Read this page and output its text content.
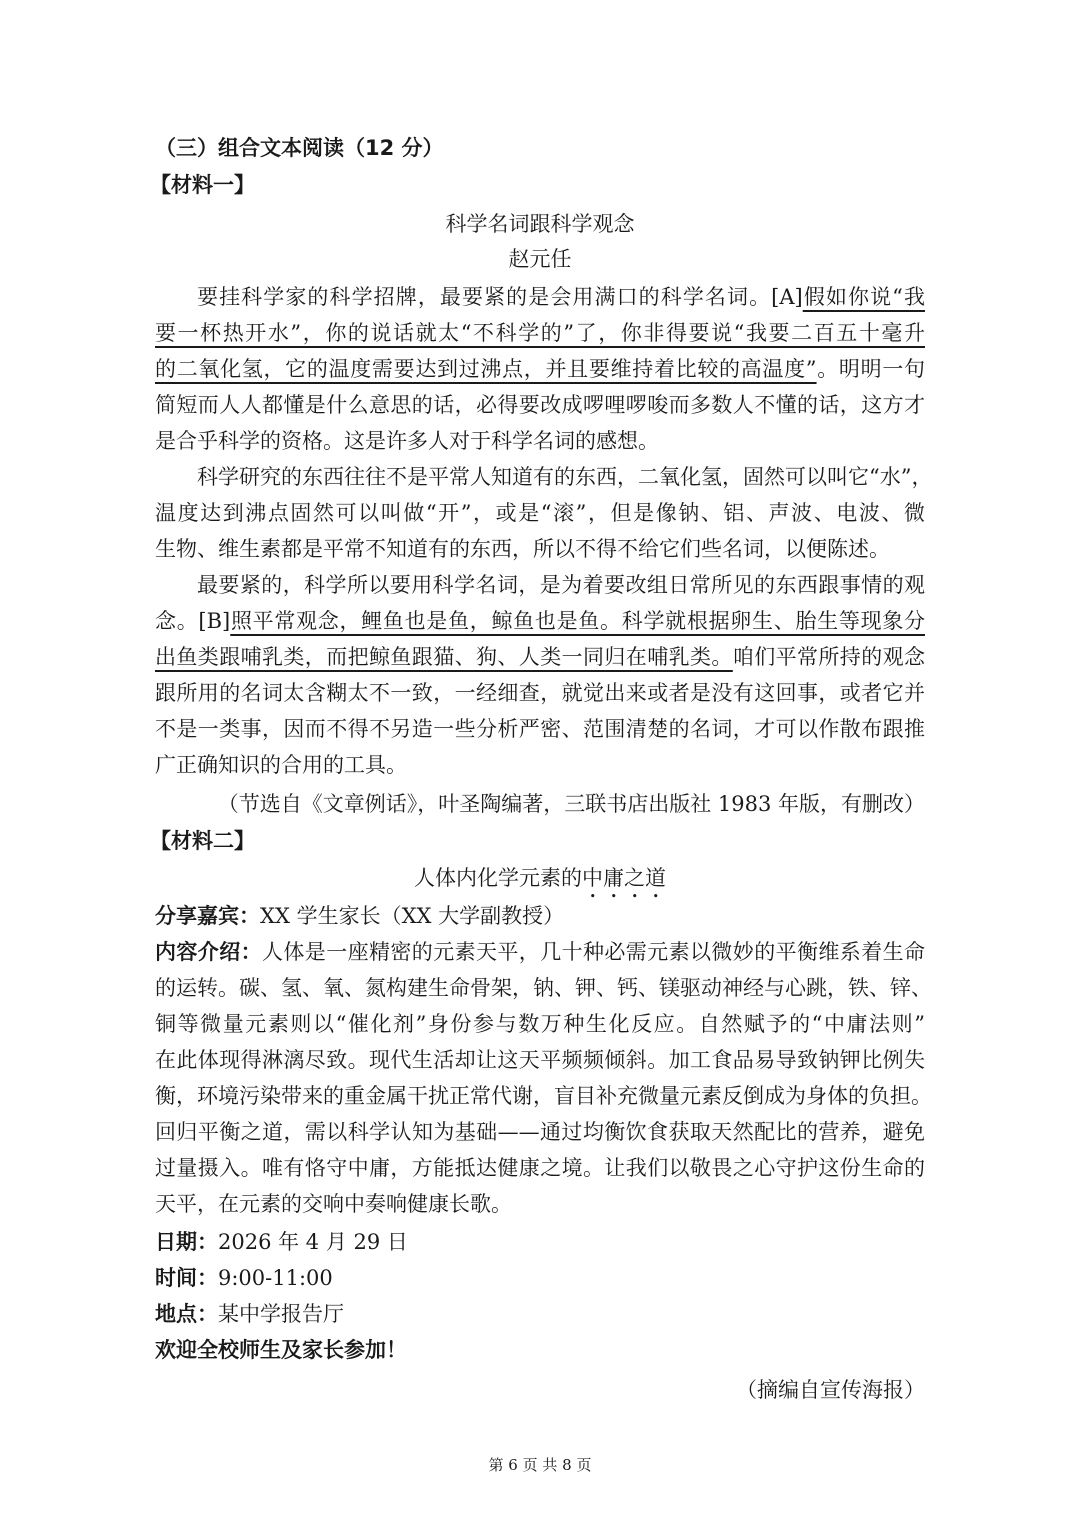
（三）组合文本阅读（12 分）

【材料一】

科学名词跟科学观念

赵元任

要挂科学家的科学招牌，最要紧的是会用满口的科学名词。[A]假如你说“我

要一杯热开水”，你的说话就太“不科学的”了，你非得要说“我要二百五十毫升

的二氧化氢，它的温度需要达到过沸点，并且要维持着比较的高温度”。明明一句

简短而人人都懂是什么意思的话，必得要改成啰哩啰唆而多数人不懂的话，这方才

是合乎科学的资格。这是许多人对于科学名词的感想。

科学研究的东西往往不是平常人知道有的东西，二氧化氢，固然可以叫它“水”，

温度达到沸点固然可以叫做“开”，或是“滚”，但是像钠、铝、声波、电波、微

生物、维生素都是平常不知道有的东西，所以不得不给它们些名词，以便陈述。

最要紧的，科学所以要用科学名词，是为着要改组日常所见的东西跟事情的观

念。[B]照平常观念，鲤鱼也是鱼，鲸鱼也是鱼。科学就根据卵生、胎生等现象分

出鱼类跟哺乳类，而把鲸鱼跟猫、狗、人类一同归在哺乳类。咱们平常所持的观念

跟所用的名词太含糊太不一致，一经细查，就觉出来或者是没有这回事，或者它并

不是一类事，因而不得不另造一些分析严密、范围清楚的名词，才可以作散布跟推

广正确知识的合用的工具。

（节选自《文章例话》，叶圣陶编著，三联书店出版社 1983 年版，有删改）

【材料二】

人体内化学元素的中庸之道

分享嘉宾：XX 学生家长（XX 大学副教授）

内容介绍：人体是一座精密的元素天平，几十种必需元素以微妙的平衡维系着生命

的运转。碳、氢、氧、氮构建生命骨架，钠、钾、钙、镁驱动神经与心跳，铁、锌、

铜等微量元素则以“催化剂”身份参与数万种生化反应。自然赋予的“中庸法则”

在此体现得淋漓尽致。现代生活却让这天平频频倾斜。加工食品易导致钠钾比例失

衡，环境污染带来的重金属干扰正常代谢，盲目补充微量元素反倒成为身体的负担。

回归平衡之道，需以科学认知为基础——通过均衡饮食获取天然配比的营养，避免

过量摄入。唯有恪守中庸，方能抵达健康之境。让我们以敬畏之心守护这份生命的

天平，在元素的交响中奏响健康长歌。

日期：2026 年 4 月 29 日

时间：9:00-11:00

地点：某中学报告厅

欢迎全校师生及家长参加！

（摘编自宣传海报）

第 6 页 共 8 页
